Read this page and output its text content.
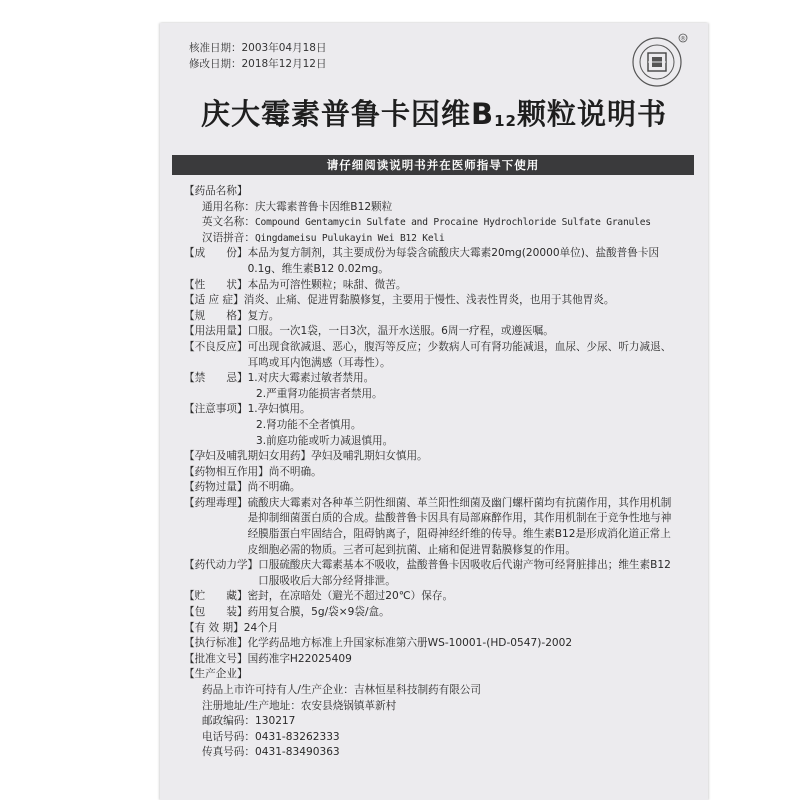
核准日期：2003年04月18日
修改日期：2018年12月12日
®
庆大霉素普鲁卡因维$B_{12}$颗粒说明书
请仔细阅读说明书并在医师指导下使用
【药品名称】
通用名称： 庆大霉素普鲁卡因维B12颗粒
英文名称： Compound Gentamycin Sulfate and Procaine Hydrochloride Sulfate Granules
汉语拼音： Qingdameisu Pulukayin Wei B12 Keli
【成　　份】 本品为复方制剂，其主要成份为每袋含硫酸庆大霉素20mg(20000单位)、盐酸普鲁卡因0.1g、维生素B12 0.02mg。
【性　　状】 本品为可溶性颗粒；味甜、微苦。
【适 应 症】 消炎、止痛、促进胃黏膜修复，主要用于慢性、浅表性胃炎，也用于其他胃炎。
【规　　格】 复方。
【用法用量】 口服。一次1袋，一日3次，温开水送服。6周一疗程，或遵医嘱。
【不良反应】 可出现食欲减退、恶心，腹泻等反应；少数病人可有肾功能减退，血尿、少尿、听力减退、耳鸣或耳内饱满感（耳毒性）。
【禁　　忌】 1.对庆大霉素过敏者禁用。
2.严重肾功能损害者禁用。
【注意事项】 1.孕妇慎用。
2.肾功能不全者慎用。
3.前庭功能或听力减退慎用。
【孕妇及哺乳期妇女用药】 孕妇及哺乳期妇女慎用。
【药物相互作用】 尚不明确。
【药物过量】 尚不明确。
【药理毒理】 硫酸庆大霉素对各种革兰阴性细菌、革兰阳性细菌及幽门螺杆菌均有抗菌作用，其作用机制是抑制细菌蛋白质的合成。盐酸普鲁卡因具有局部麻醉作用，其作用机制在于竞争性地与神经膜脂蛋白牢固结合，阻碍钠离子，阻碍神经纤维的传导。维生素B12是形成消化道正常上皮细胞必需的物质。三者可起到抗菌、止痛和促进胃黏膜修复的作用。
【药代动力学】 口服硫酸庆大霉素基本不吸收，盐酸普鲁卡因吸收后代谢产物可经肾脏排出；维生素B12口服吸收后大部分经肾排泄。
【贮　　藏】 密封，在凉暗处（避光不超过20℃）保存。
【包　　装】 药用复合膜，5g/袋×9袋/盒。
【有 效 期】 24个月
【执行标准】 化学药品地方标准上升国家标准第六册WS-10001-(HD-0547)-2002
【批准文号】 国药准字H22025409
【生产企业】
药品上市许可持有人/生产企业： 吉林恒星科技制药有限公司
注册地址/生产地址： 农安县烧锅镇革新村
邮政编码： 130217
电话号码： 0431-83262333
传真号码： 0431-83490363
